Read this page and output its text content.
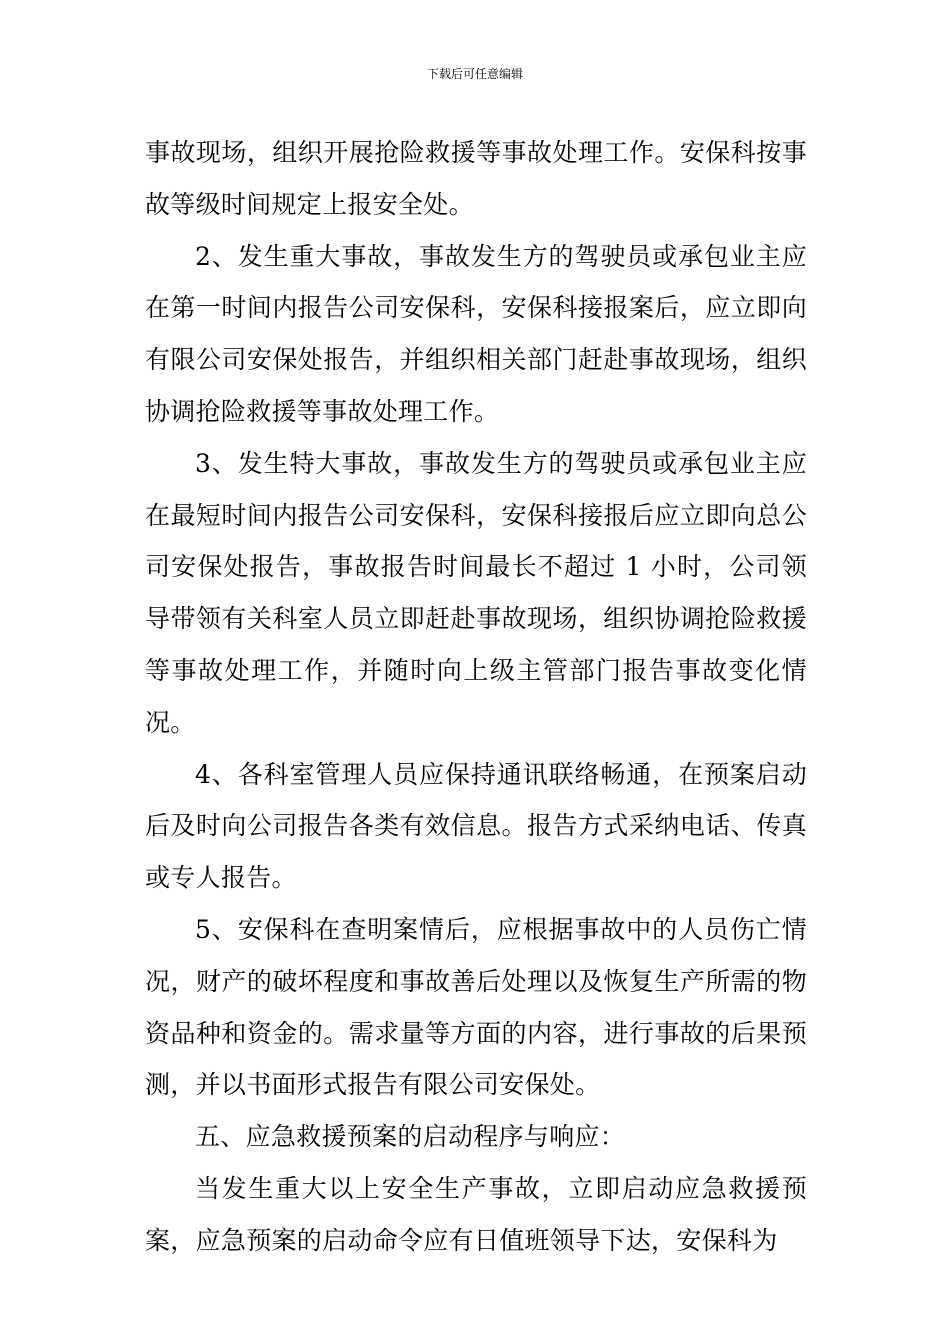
下载后可任意编辑

事故现场，组织开展抢险救援等事故处理工作。安保科按事故等级时间规定上报安全处。

2、发生重大事故，事故发生方的驾驶员或承包业主应在第一时间内报告公司安保科，安保科接报案后，应立即向有限公司安保处报告，并组织相关部门赶赴事故现场，组织协调抢险救援等事故处理工作。

3、发生特大事故，事故发生方的驾驶员或承包业主应在最短时间内报告公司安保科，安保科接报后应立即向总公司安保处报告，事故报告时间最长不超过 1 小时，公司领导带领有关科室人员立即赶赴事故现场，组织协调抢险救援等事故处理工作，并随时向上级主管部门报告事故变化情况。

4、各科室管理人员应保持通讯联络畅通，在预案启动后及时向公司报告各类有效信息。报告方式采纳电话、传真或专人报告。

5、安保科在查明案情后，应根据事故中的人员伤亡情况，财产的破坏程度和事故善后处理以及恢复生产所需的物资品种和资金的。需求量等方面的内容，进行事故的后果预测，并以书面形式报告有限公司安保处。

五、应急救援预案的启动程序与响应：

当发生重大以上安全生产事故，立即启动应急救援预案，应急预案的启动命令应有日值班领导下达，安保科为
